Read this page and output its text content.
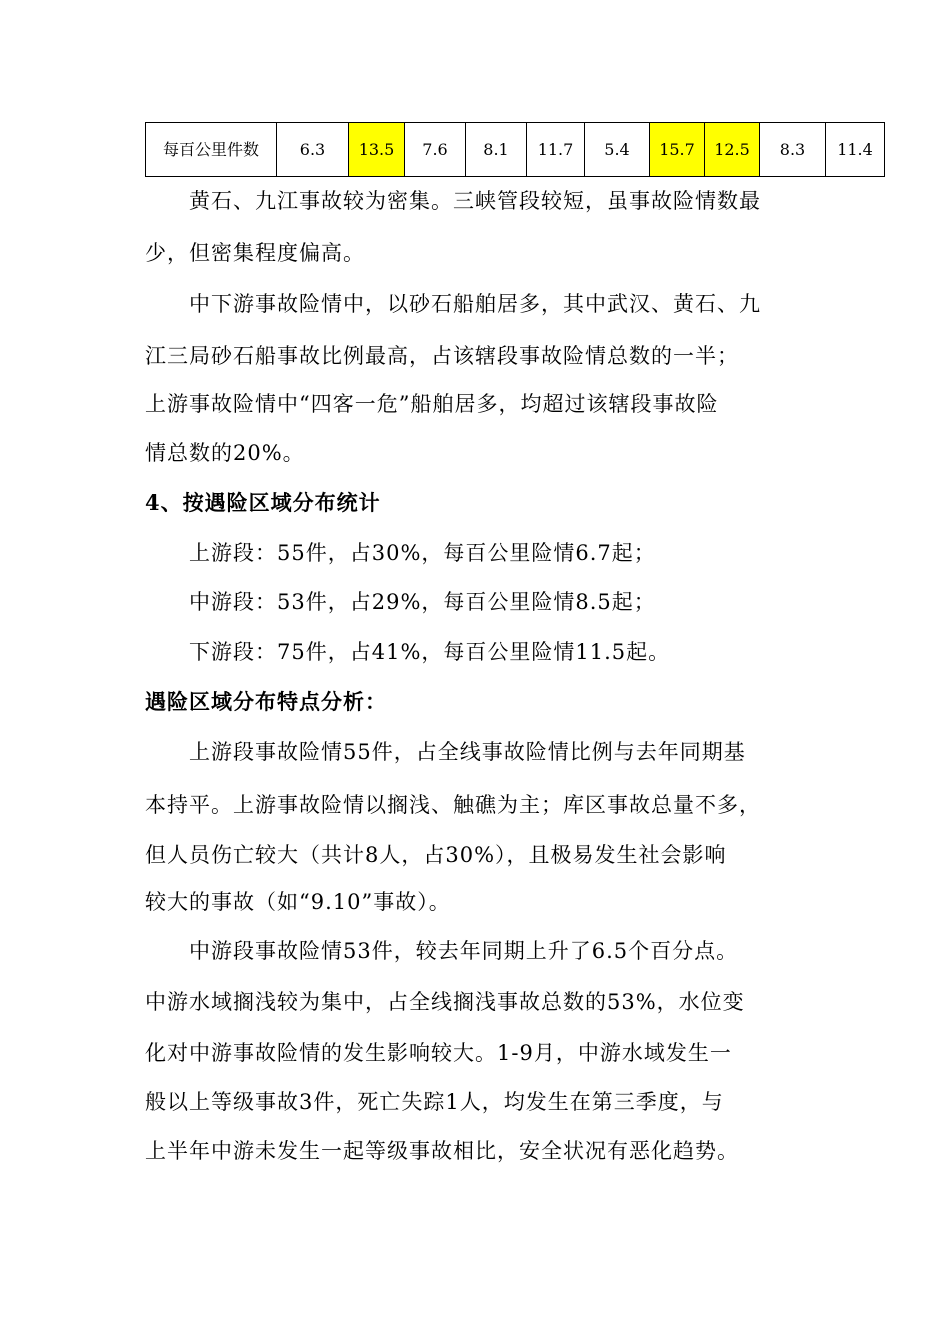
每百公里件数	6.3	13.5	7.6	8.1	11.7	5.4	15.7	12.5	8.3	11.4

　　黄石、九江事故较为密集。三峡管段较短，虽事故险情数最

少，但密集程度偏高。

　　中下游事故险情中，以砂石船舶居多，其中武汉、黄石、九

江三局砂石船事故比例最高，占该辖段事故险情总数的一半；

上游事故险情中“四客一危”船舶居多，均超过该辖段事故险

情总数的20%。

4、按遇险区域分布统计

　　上游段：55件，占30%，每百公里险情6.7起；

　　中游段：53件，占29%，每百公里险情8.5起；

　　下游段：75件，占41%，每百公里险情11.5起。

遇险区域分布特点分析：

　　上游段事故险情55件，占全线事故险情比例与去年同期基

本持平。上游事故险情以搁浅、触礁为主；库区事故总量不多，

但人员伤亡较大（共计8人，占30%），且极易发生社会影响

较大的事故（如“9.10”事故）。

　　中游段事故险情53件，较去年同期上升了6.5个百分点。

中游水域搁浅较为集中，占全线搁浅事故总数的53%，水位变

化对中游事故险情的发生影响较大。1-9月，中游水域发生一

般以上等级事故3件，死亡失踪1人，均发生在第三季度，与

上半年中游未发生一起等级事故相比，安全状况有恶化趋势。
